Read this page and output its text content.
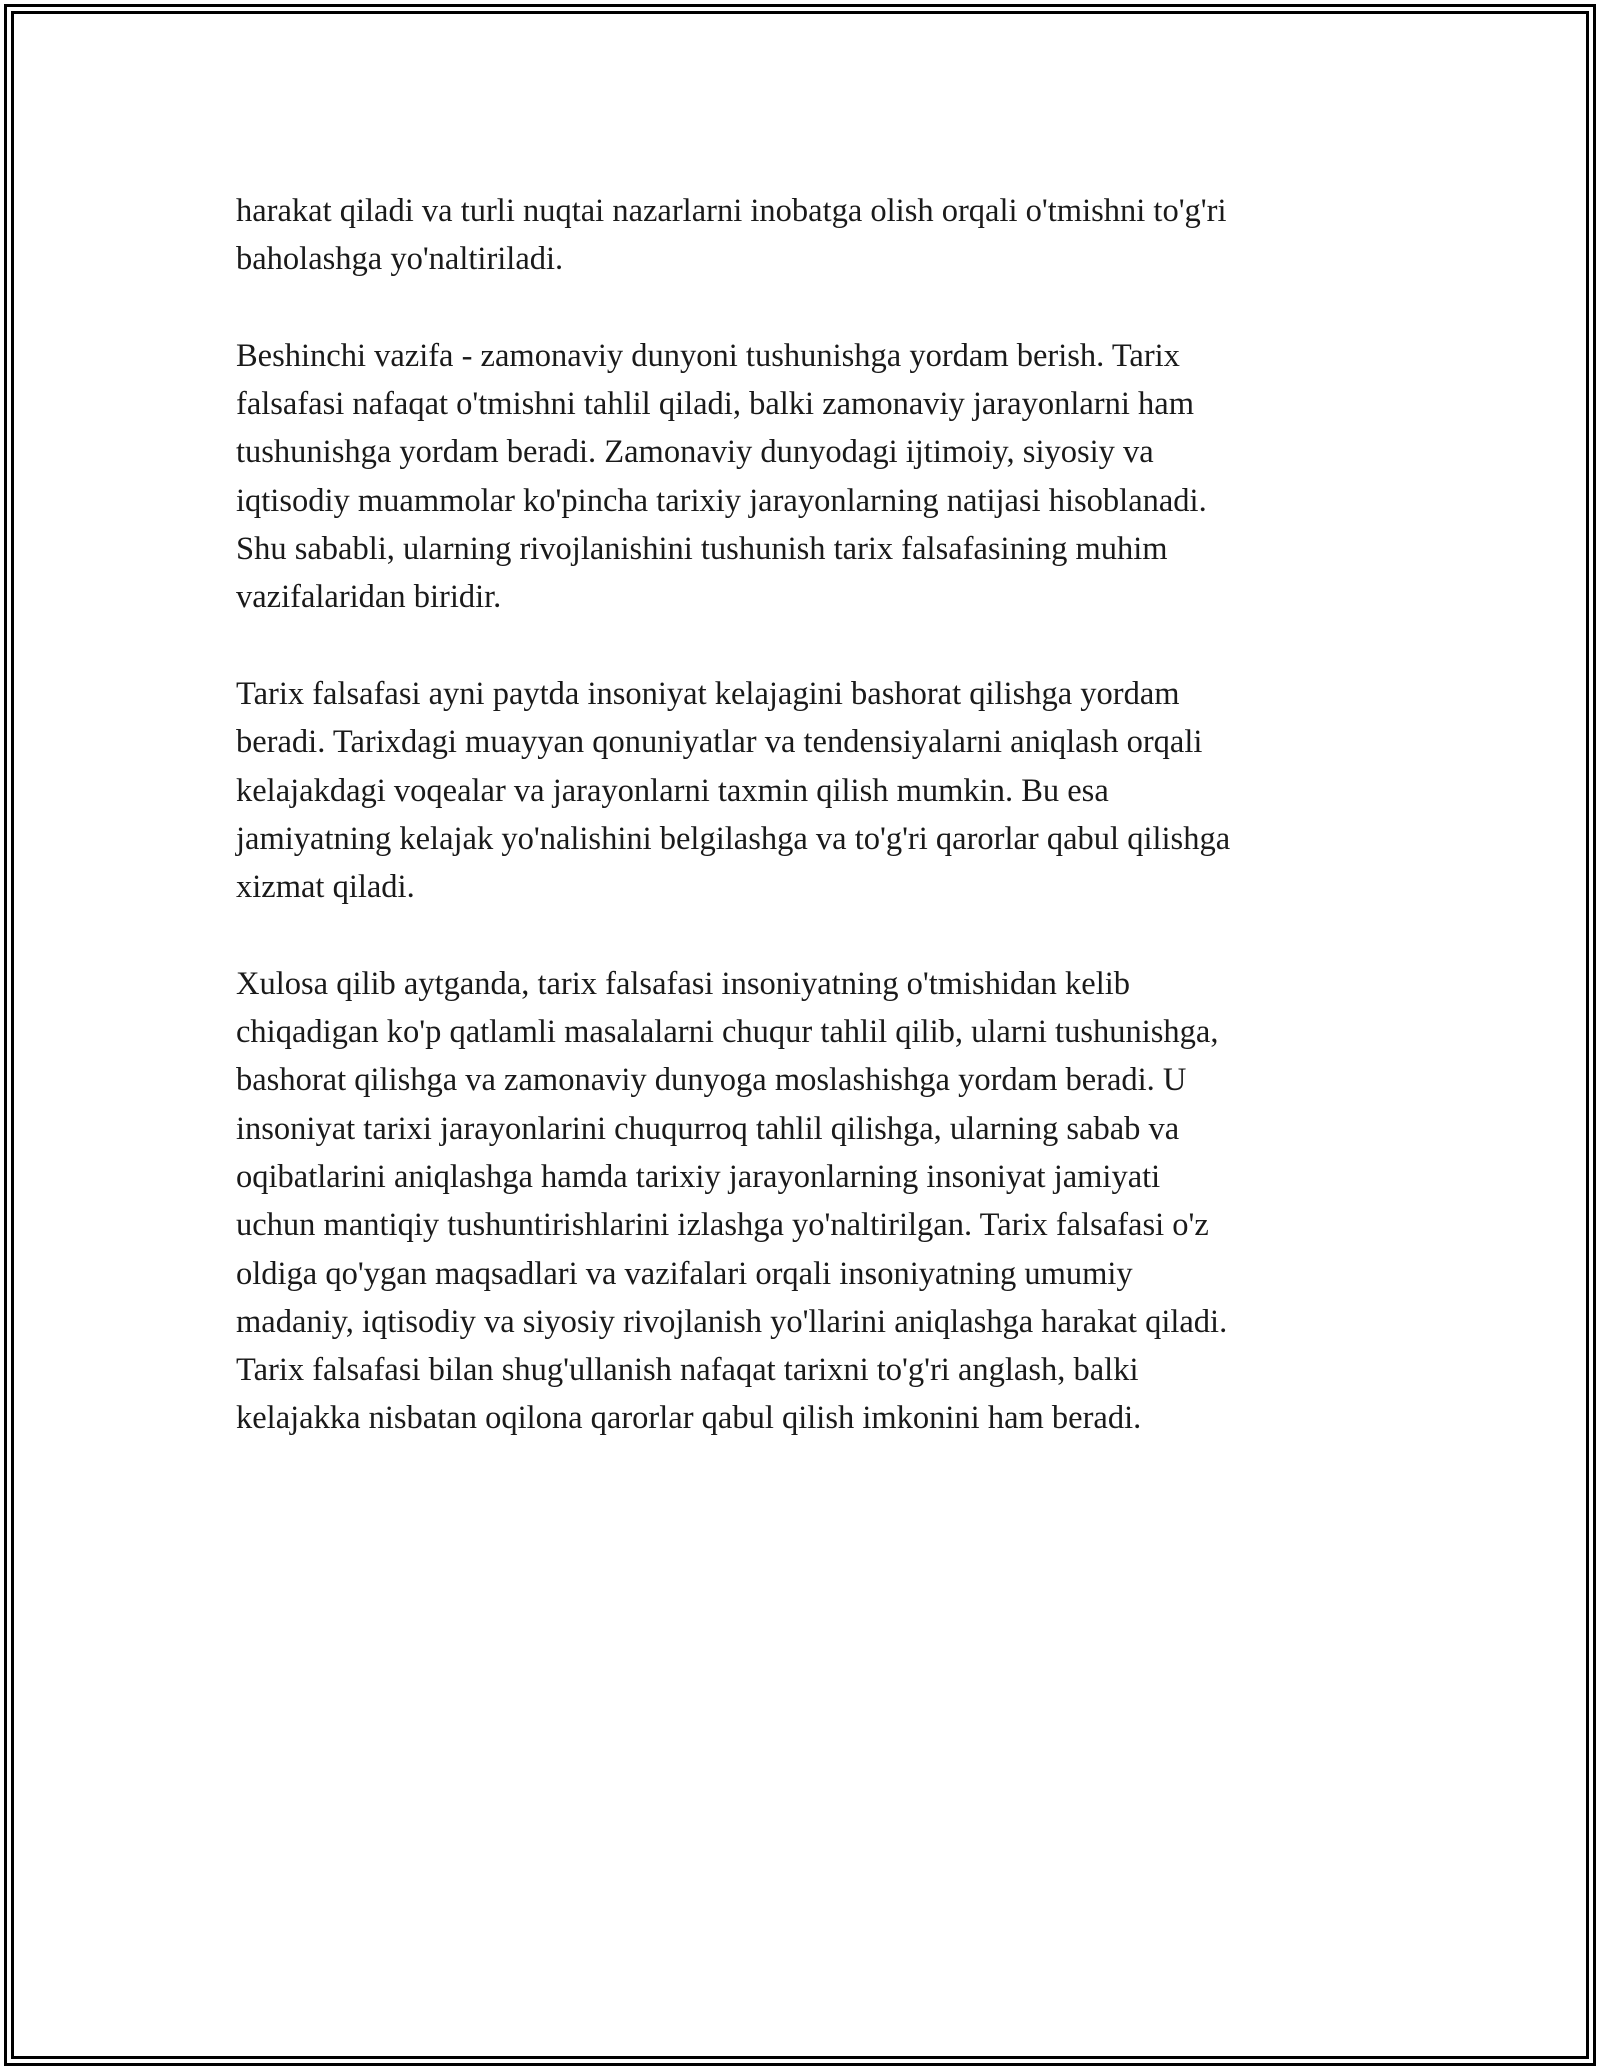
harakat qiladi va turli nuqtai nazarlarni inobatga olish orqali o'tmishni to'g'ri
baholashga yo'naltiriladi.

Beshinchi vazifa - zamonaviy dunyoni tushunishga yordam berish. Tarix
falsafasi nafaqat o'tmishni tahlil qiladi, balki zamonaviy jarayonlarni ham
tushunishga yordam beradi. Zamonaviy dunyodagi ijtimoiy, siyosiy va
iqtisodiy muammolar ko'pincha tarixiy jarayonlarning natijasi hisoblanadi.
Shu sababli, ularning rivojlanishini tushunish tarix falsafasining muhim
vazifalaridan biridir.

Tarix falsafasi ayni paytda insoniyat kelajagini bashorat qilishga yordam
beradi. Tarixdagi muayyan qonuniyatlar va tendensiyalarni aniqlash orqali
kelajakdagi voqealar va jarayonlarni taxmin qilish mumkin. Bu esa
jamiyatning kelajak yo'nalishini belgilashga va to'g'ri qarorlar qabul qilishga
xizmat qiladi.

Xulosa qilib aytganda, tarix falsafasi insoniyatning o'tmishidan kelib
chiqadigan ko'p qatlamli masalalarni chuqur tahlil qilib, ularni tushunishga,
bashorat qilishga va zamonaviy dunyoga moslashishga yordam beradi. U
insoniyat tarixi jarayonlarini chuqurroq tahlil qilishga, ularning sabab va
oqibatlarini aniqlashga hamda tarixiy jarayonlarning insoniyat jamiyati
uchun mantiqiy tushuntirishlarini izlashga yo'naltirilgan. Tarix falsafasi o'z
oldiga qo'ygan maqsadlari va vazifalari orqali insoniyatning umumiy
madaniy, iqtisodiy va siyosiy rivojlanish yo'llarini aniqlashga harakat qiladi.
Tarix falsafasi bilan shug'ullanish nafaqat tarixni to'g'ri anglash, balki
kelajakka nisbatan oqilona qarorlar qabul qilish imkonini ham beradi.
